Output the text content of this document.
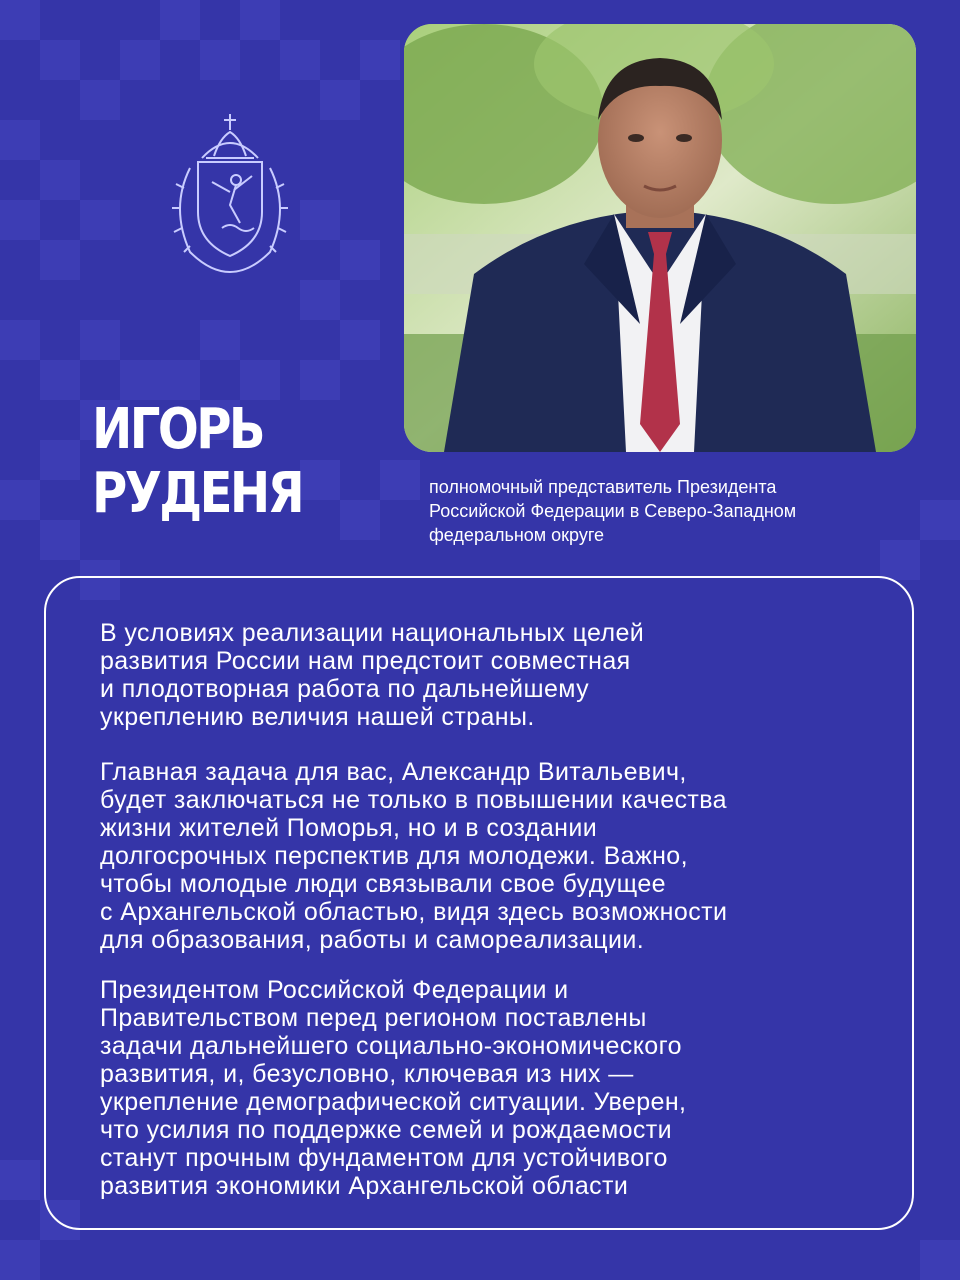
ИГОРЬ
РУДЕНЯ	полномочный представитель Президента
Российской Федерации в Северо-Западном
федеральном округе
В условиях реализации национальных целей
развития России нам предстоит совместная
и плодотворная работа по дальнейшему
укреплению величия нашей страны.
Главная задача для вас, Александр Витальевич,
будет заключаться не только в повышении качества
жизни жителей Поморья, но и в создании
долгосрочных перспектив для молодежи. Важно,
чтобы молодые люди связывали свое будущее
с Архангельской областью, видя здесь возможности
для образования, работы и самореализации.
Президентом Российской Федерации и
Правительством перед регионом поставлены
задачи дальнейшего социально-экономического
развития, и, безусловно, ключевая из них —
укрепление демографической ситуации. Уверен,
что усилия по поддержке семей и рождаемости
станут прочным фундаментом для устойчивого
развития экономики Архангельской области
